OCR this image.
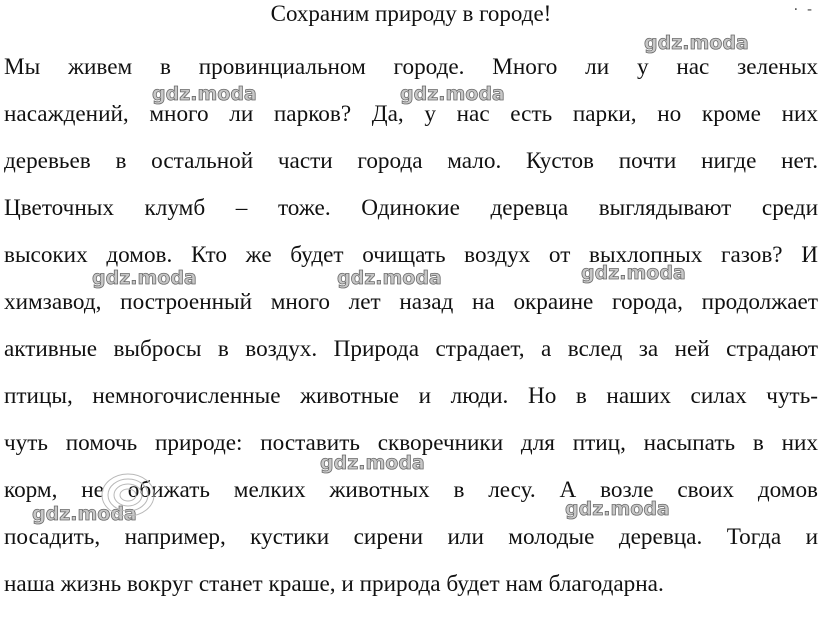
·  -
Сохраним природу в городе!
Мы живем в провинциальном городе. Много ли у нас зеленых
насаждений, много ли парков? Да, у нас есть парки, но кроме них
деревьев в остальной части города мало. Кустов почти нигде нет.
Цветочных клумб – тоже. Одинокие деревца выглядывают среди
высоких домов. Кто же будет очищать воздух от выхлопных газов? И
химзавод, построенный много лет назад на окраине города, продолжает
активные выбросы в воздух. Природа страдает, а вслед за ней страдают
птицы, немногочисленные животные и люди. Но в наших силах чуть-
чуть помочь природе: поставить скворечники для птиц, насыпать в них
корм, не обижать мелких животных в лесу. А возле своих домов
посадить, например, кустики сирени или молодые деревца. Тогда и
наша жизнь вокруг станет краше, и природа будет нам благодарна.
gdz.moda
gdz.moda	gdz.moda
gdz.moda	gdz.moda	gdz.moda
gdz.moda
gdz.moda	gdz.moda
